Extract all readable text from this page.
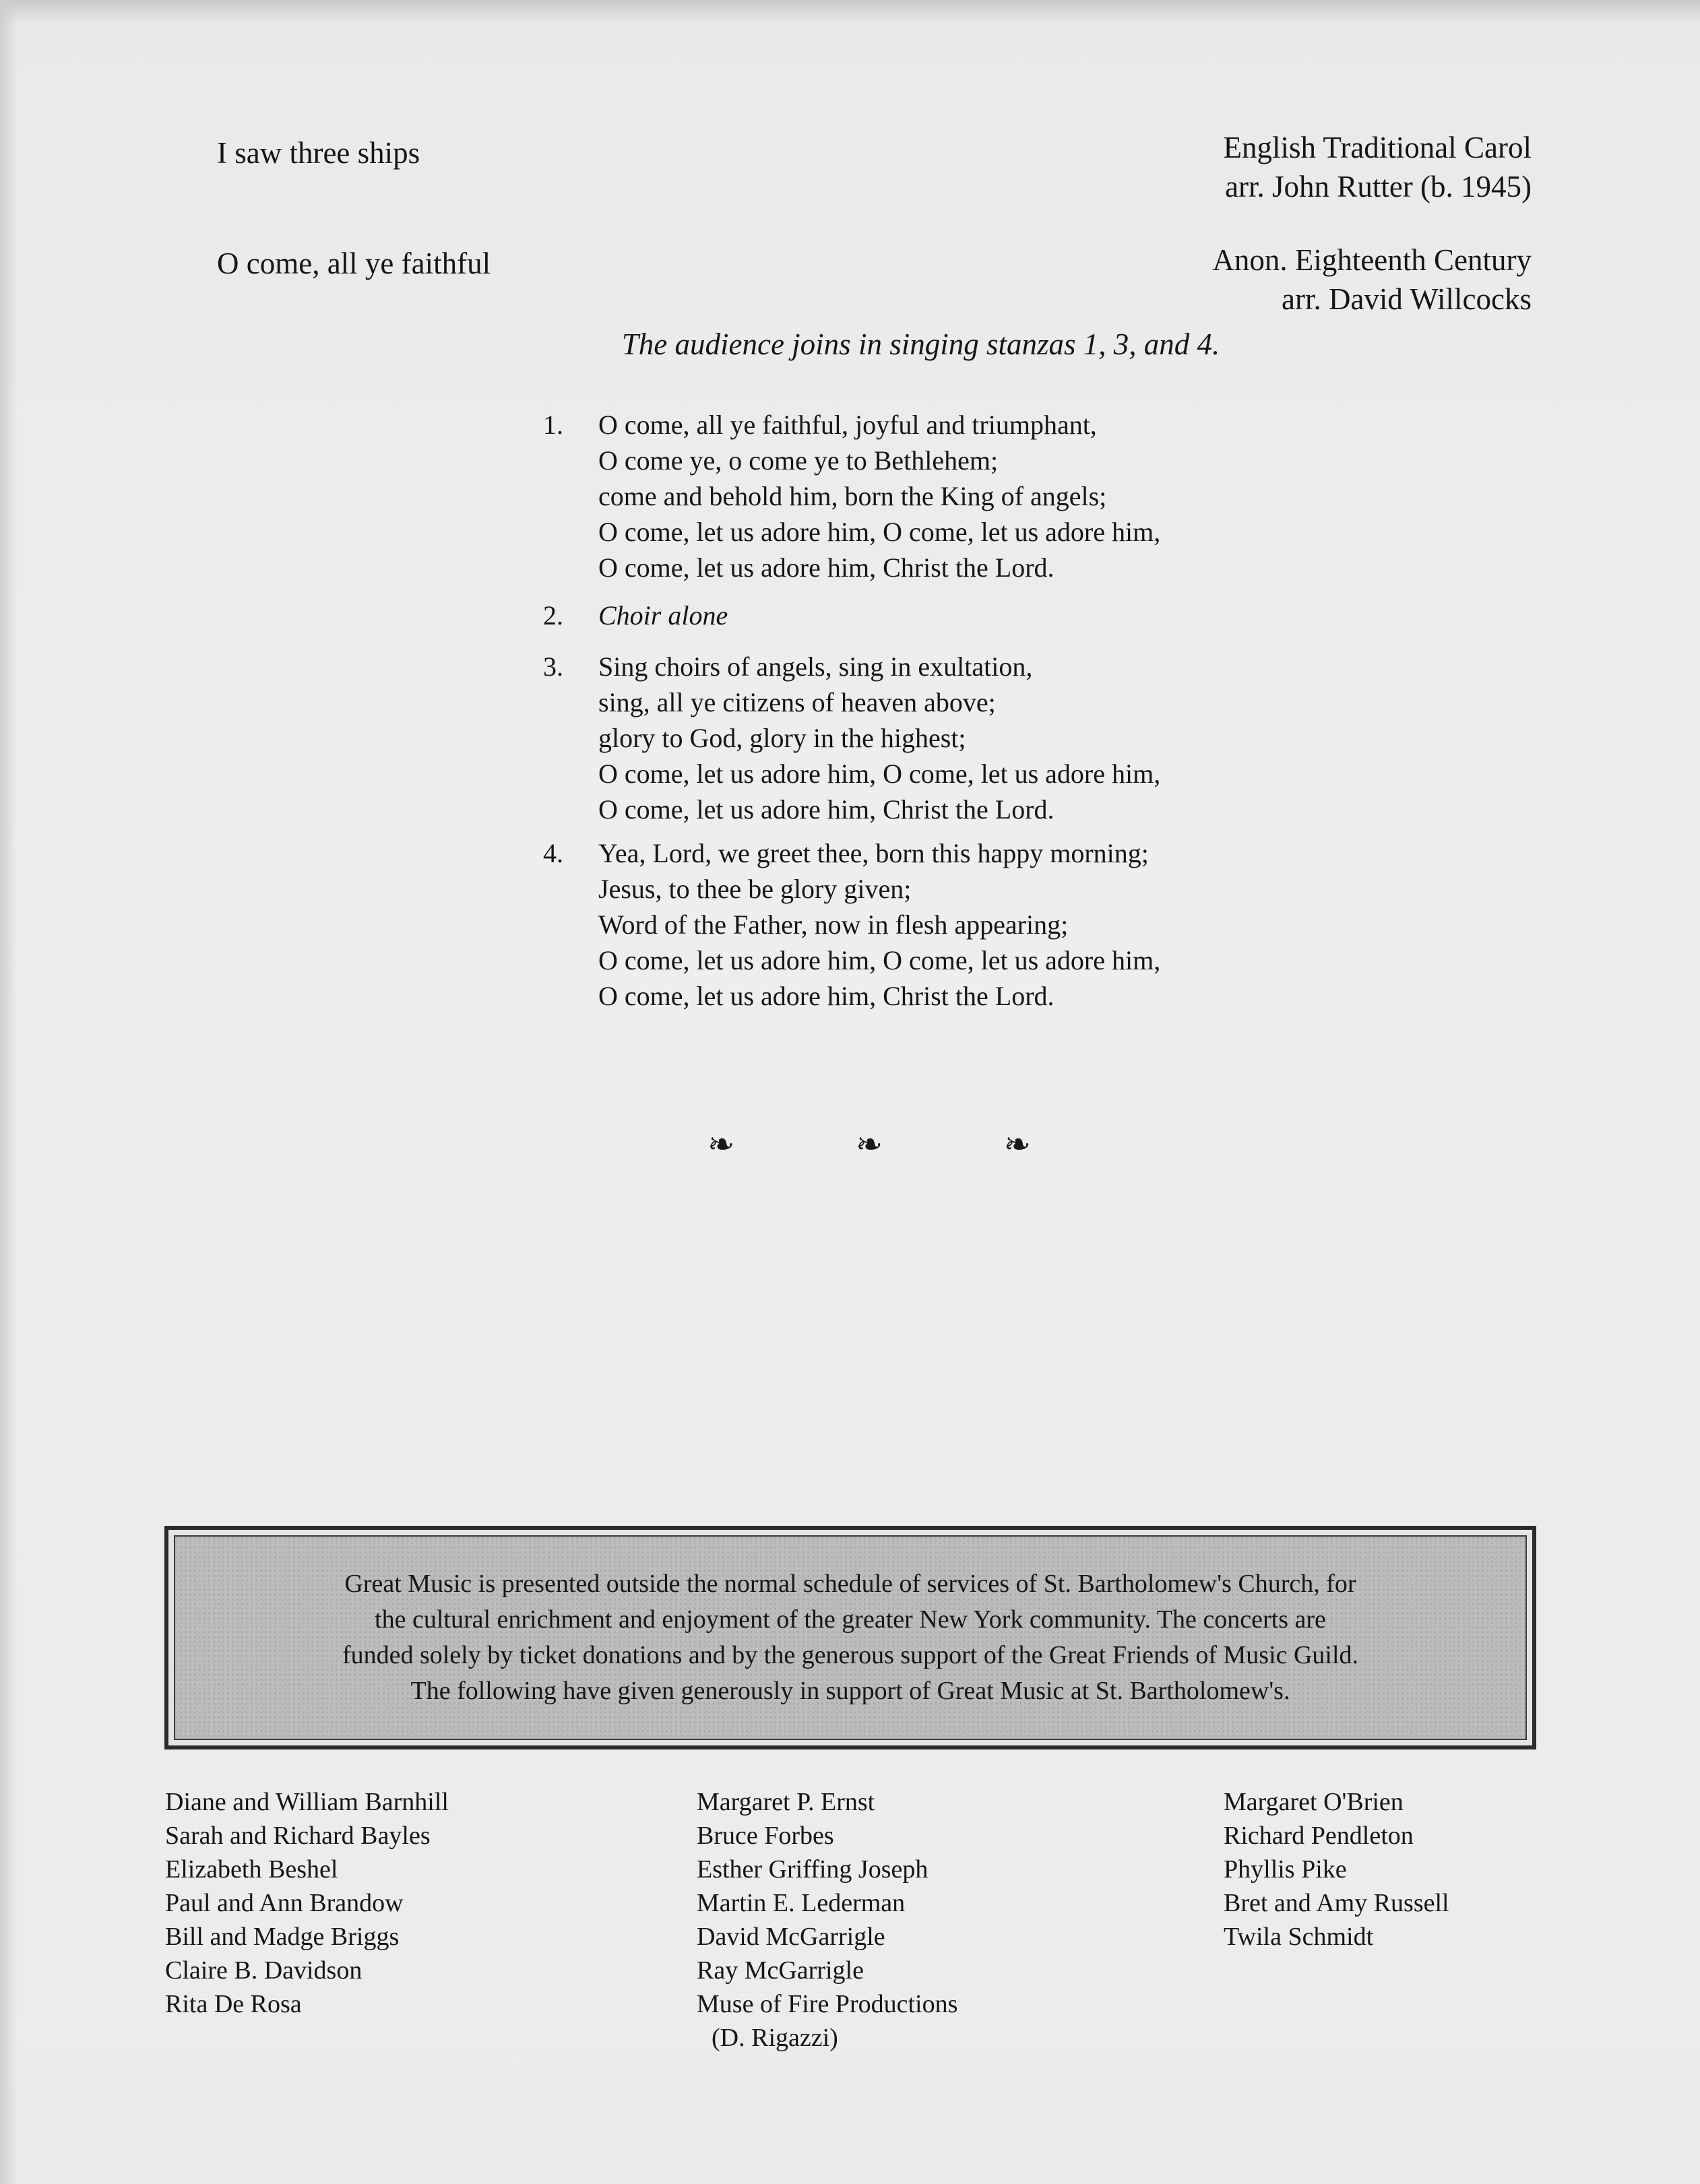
I saw three ships	English Traditional Carol
arr. John Rutter (b. 1945)
O come, all ye faithful	Anon. Eighteenth Century
arr. David Willcocks
The audience joins in singing stanzas 1, 3, and 4.
1.	O come, all ye faithful, joyful and triumphant,
O come ye, o come ye to Bethlehem;
come and behold him, born the King of angels;
O come, let us adore him, O come, let us adore him,
O come, let us adore him, Christ the Lord.
2.	Choir alone
3.	Sing choirs of angels, sing in exultation,
sing, all ye citizens of heaven above;
glory to God, glory in the highest;
O come, let us adore him, O come, let us adore him,
O come, let us adore him, Christ the Lord.
4.	Yea, Lord, we greet thee, born this happy morning;
Jesus, to thee be glory given;
Word of the Father, now in flesh appearing;
O come, let us adore him, O come, let us adore him,
O come, let us adore him, Christ the Lord.
❧	❧	❧
Great Music is presented outside the normal schedule of services of St. Bartholomew's Church, for
the cultural enrichment and enjoyment of the greater New York community. The concerts are
funded solely by ticket donations and by the generous support of the Great Friends of Music Guild.
The following have given generously in support of Great Music at St. Bartholomew's.
Diane and William Barnhill
Sarah and Richard Bayles
Elizabeth Beshel
Paul and Ann Brandow
Bill and Madge Briggs
Claire B. Davidson
Rita De Rosa
Margaret P. Ernst
Bruce Forbes
Esther Griffing Joseph
Martin E. Lederman
David McGarrigle
Ray McGarrigle
Muse of Fire Productions
(D. Rigazzi)
Margaret O'Brien
Richard Pendleton
Phyllis Pike
Bret and Amy Russell
Twila Schmidt
